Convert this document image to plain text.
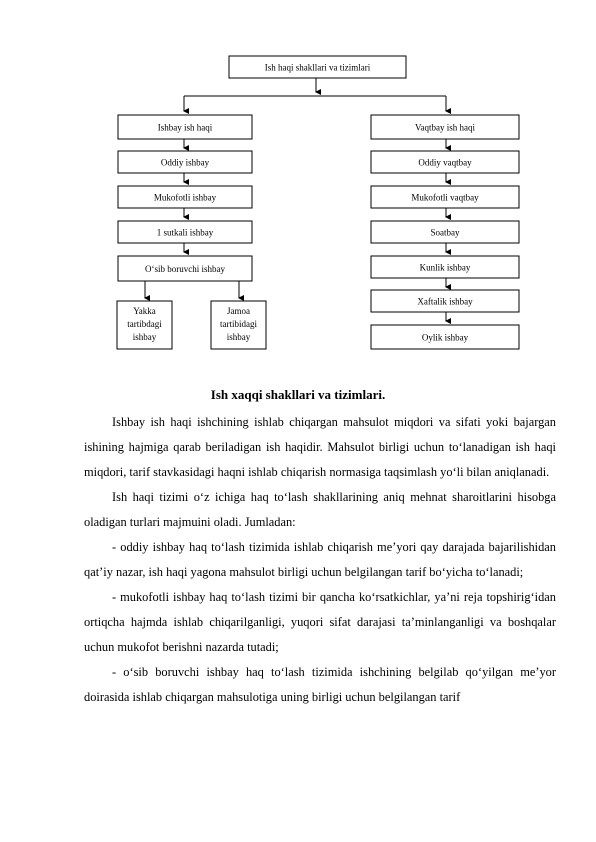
Ish haqi shakllari va tizimlari
Ishbay ish haqi
Oddiy ishbay
Mukofotli ishbay
1 sutkali ishbay
O‘sib boruvchi ishbay
Yakka
tartibdagi
ishbay
Jamoa
tartibidagi
ishbay
Vaqtbay ish haqi
Oddiy vaqtbay
Mukofotli vaqtbay
Soatbay
Kunlik ishbay
Xaftalik ishbay
Oylik ishbay
Ish xaqqi shakllari va tizimlari.

Ishbay ish haqi ishchining ishlab chiqargan mahsulot miqdori va sifati yoki bajargan ishining hajmiga qarab beriladigan ish haqidir. Mahsulot birligi uchun to‘lanadigan ish haqi miqdori, tarif stavkasidagi haqni ishlab chiqarish normasiga taqsimlash yo‘li bilan aniqlanadi.

Ish haqi tizimi o‘z ichiga haq to‘lash shakllarining aniq mehnat sharoitlarini hisobga oladigan turlari majmuini oladi. Jumladan:

- oddiy ishbay haq to‘lash tizimida ishlab chiqarish me’yori qay darajada bajarilishidan qat’iy nazar, ish haqi yagona mahsulot birligi uchun belgilangan tarif bo‘yicha to‘lanadi;

- mukofotli ishbay haq to‘lash tizimi bir qancha ko‘rsatkichlar, ya’ni reja topshirig‘idan ortiqcha hajmda ishlab chiqarilganligi, yuqori sifat darajasi ta’minlanganligi va boshqalar uchun mukofot berishni nazarda tutadi;

- o‘sib boruvchi ishbay haq to‘lash tizimida ishchining belgilab qo‘yilgan me’yor doirasida ishlab chiqargan mahsulotiga uning birligi uchun belgilangan tarif
